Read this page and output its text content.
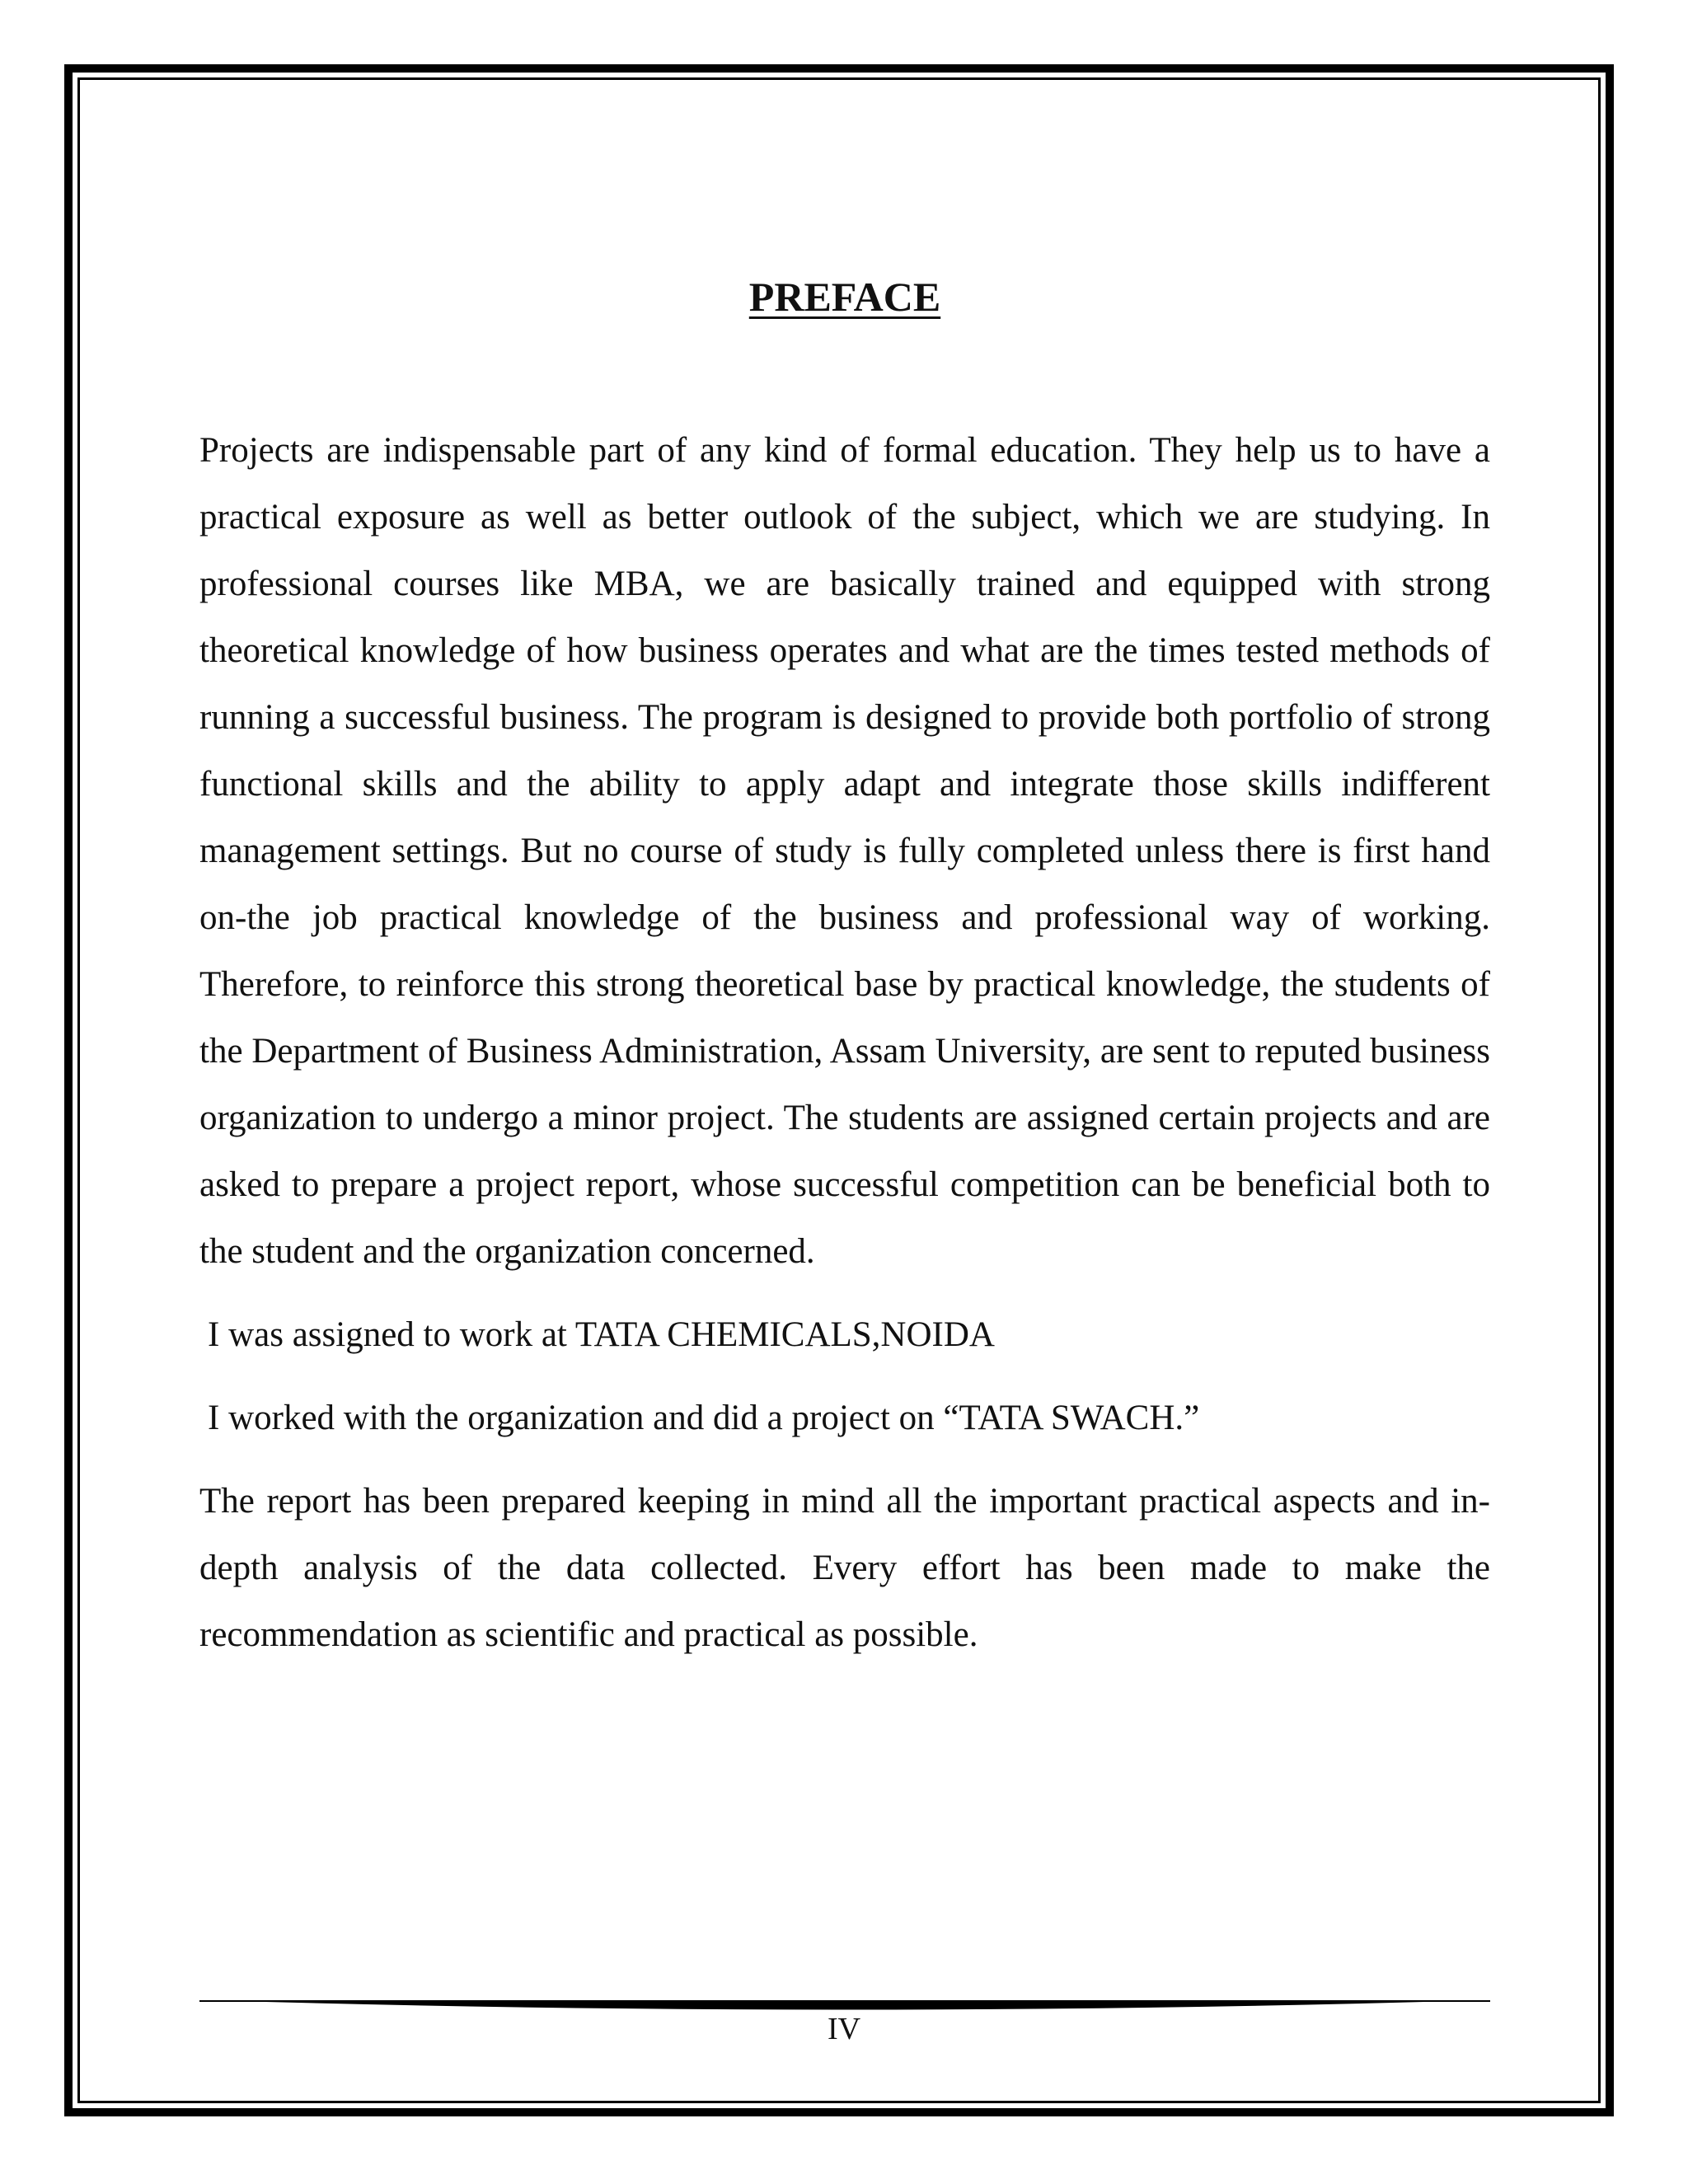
PREFACE

Projects are indispensable part of any kind of formal education. They help us to have a practical exposure as well as better outlook of the subject, which we are studying. In professional courses like MBA, we are basically trained and equipped with strong theoretical knowledge of how business operates and what are the times tested methods of running a successful business. The program is designed to provide both portfolio of strong functional skills and the ability to apply adapt and integrate those skills indifferent management settings. But no course of study is fully completed unless there is first hand on-the job practical knowledge of the business and professional way of working. Therefore, to reinforce this strong theoretical base by practical knowledge, the students of the Department of Business Administration, Assam University, are sent to reputed business organization to undergo a minor project. The students are assigned certain projects and are asked to prepare a project report, whose successful competition can be beneficial both to the student and the organization concerned.

I was assigned to work at TATA CHEMICALS,NOIDA

I worked with the organization and did a project on “TATA SWACH.”

The report has been prepared keeping in mind all the important practical aspects and in-depth analysis of the data collected. Every effort has been made to make the recommendation as scientific and practical as possible.

IV
